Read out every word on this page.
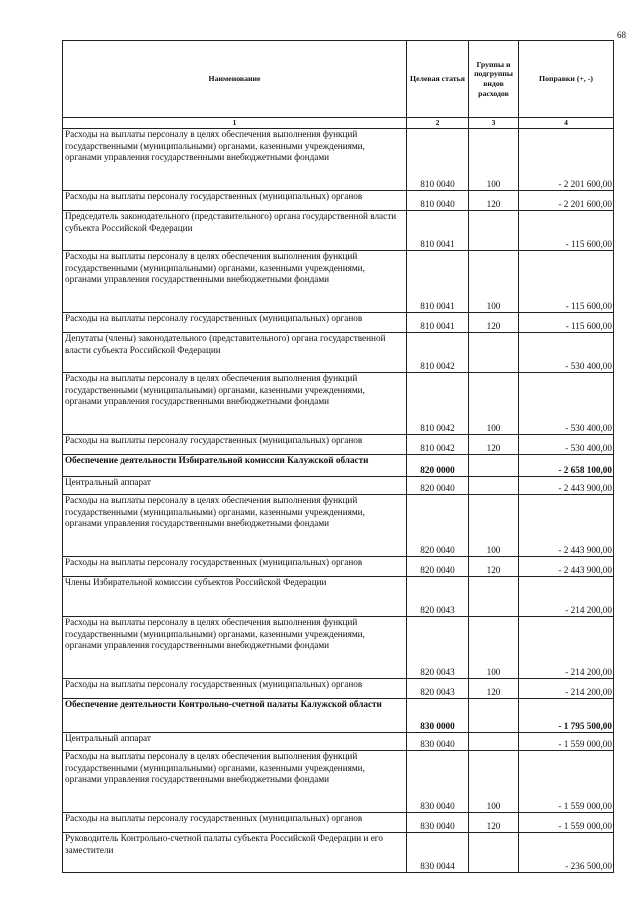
68
Наименование	Целевая статья	Группы и подгруппы видов расходов	Поправки (+, -)
1	2	3	4
Расходы на выплаты персоналу в целях обеспечения выполнения функций государственными (муниципальными) органами, казенными учреждениями, органами управления государственными внебюджетными фондами	810 0040	100	- 2 201 600,00
Расходы на выплаты персоналу государственных (муниципальных) органов	810 0040	120	- 2 201 600,00
Председатель законодательного (представительного) органа государственной власти субъекта Российской Федерации	810 0041		- 115 600,00
Расходы на выплаты персоналу в целях обеспечения выполнения функций государственными (муниципальными) органами, казенными учреждениями, органами управления государственными внебюджетными фондами	810 0041	100	- 115 600,00
Расходы на выплаты персоналу государственных (муниципальных) органов	810 0041	120	- 115 600,00
Депутаты (члены) законодательного (представительного) органа государственной власти субъекта Российской Федерации	810 0042		- 530 400,00
Расходы на выплаты персоналу в целях обеспечения выполнения функций государственными (муниципальными) органами, казенными учреждениями, органами управления государственными внебюджетными фондами	810 0042	100	- 530 400,00
Расходы на выплаты персоналу государственных (муниципальных) органов	810 0042	120	- 530 400,00
Обеспечение деятельности Избирательной комиссии Калужской области	820 0000		- 2 658 100,00
Центральный аппарат	820 0040		- 2 443 900,00
Расходы на выплаты персоналу в целях обеспечения выполнения функций государственными (муниципальными) органами, казенными учреждениями, органами управления государственными внебюджетными фондами	820 0040	100	- 2 443 900,00
Расходы на выплаты персоналу государственных (муниципальных) органов	820 0040	120	- 2 443 900,00
Члены Избирательной комиссии субъектов Российской Федерации	820 0043		- 214 200,00
Расходы на выплаты персоналу в целях обеспечения выполнения функций государственными (муниципальными) органами, казенными учреждениями, органами управления государственными внебюджетными фондами	820 0043	100	- 214 200,00
Расходы на выплаты персоналу государственных (муниципальных) органов	820 0043	120	- 214 200,00
Обеспечение деятельности Контрольно-счетной палаты Калужской области	830 0000		- 1 795 500,00
Центральный аппарат	830 0040		- 1 559 000,00
Расходы на выплаты персоналу в целях обеспечения выполнения функций государственными (муниципальными) органами, казенными учреждениями, органами управления государственными внебюджетными фондами	830 0040	100	- 1 559 000,00
Расходы на выплаты персоналу государственных (муниципальных) органов	830 0040	120	- 1 559 000,00
Руководитель Контрольно-счетной палаты субъекта Российской Федерации и его заместители	830 0044		- 236 500,00
